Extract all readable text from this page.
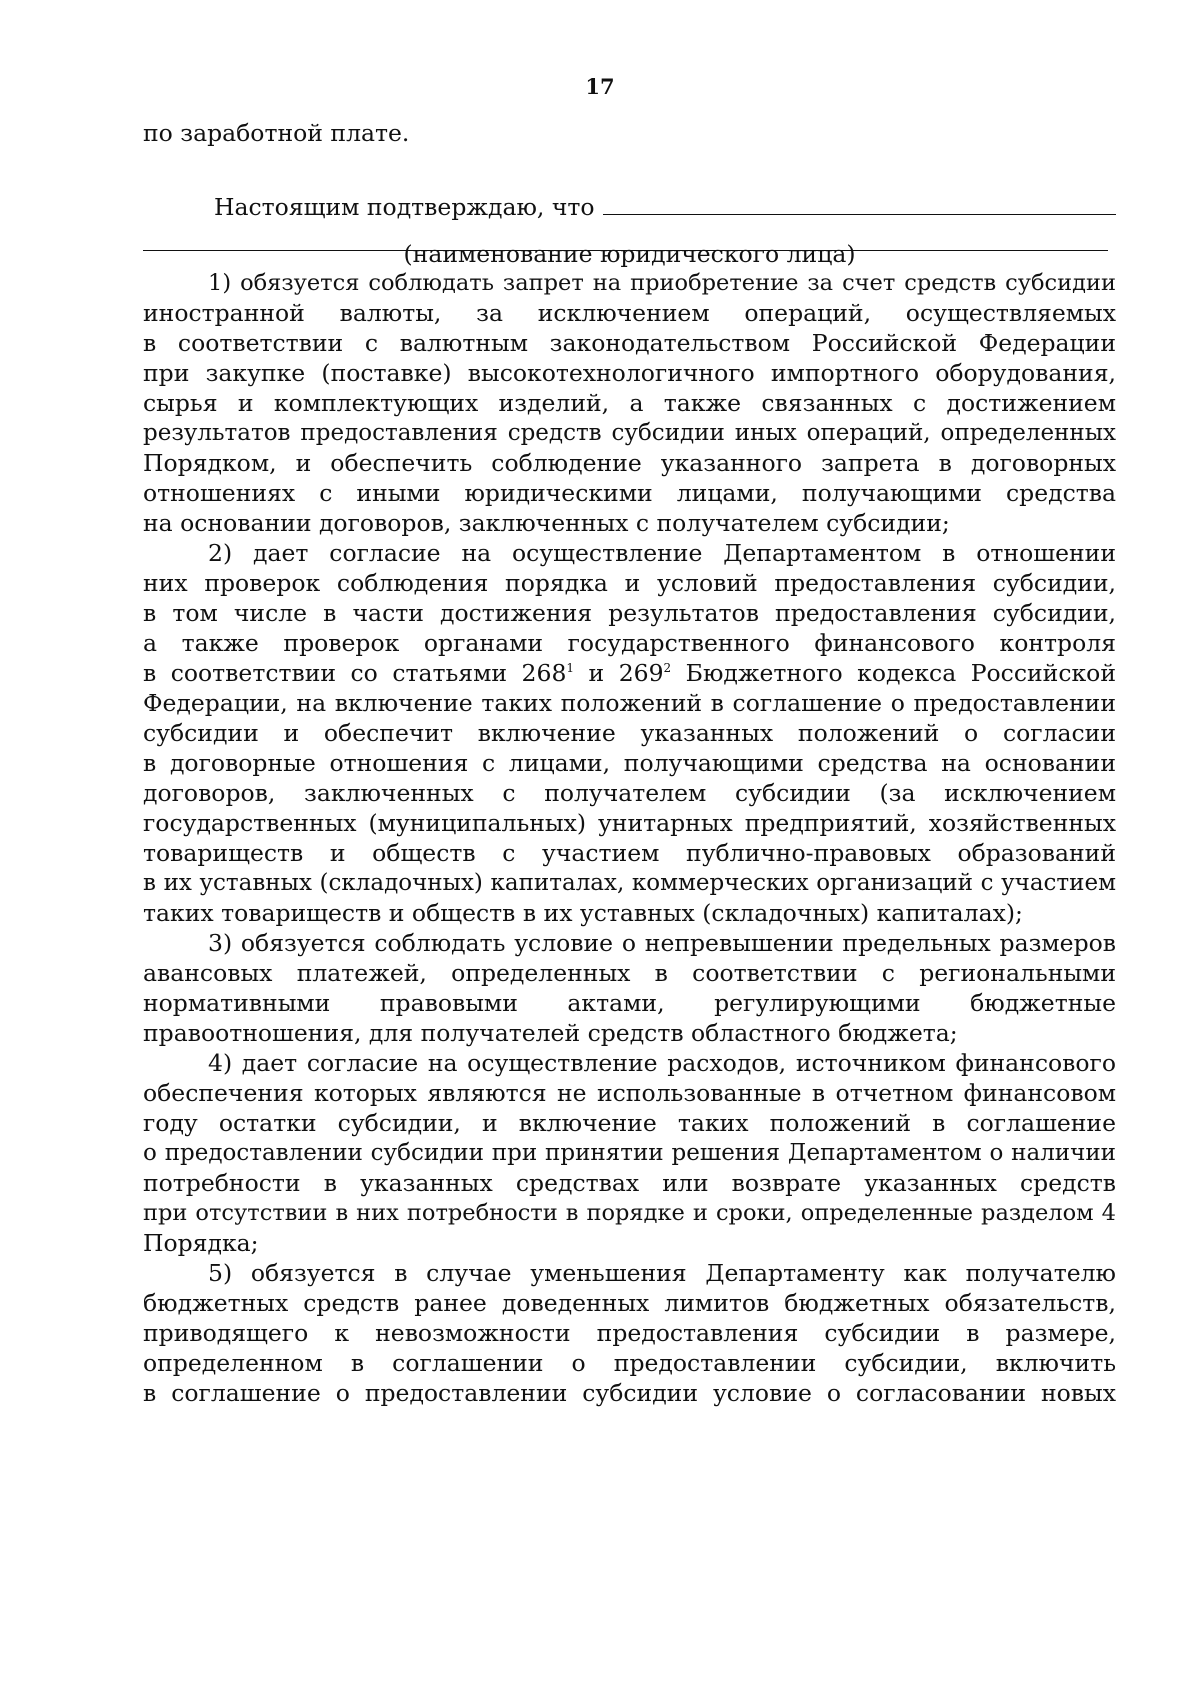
17
по заработной плате.
Настоящим подтверждаю, что
(наименование юридического лица)
1) обязуется соблюдать запрет на приобретение за счет средств субсидии
иностранной валюты, за исключением операций, осуществляемых
в соответствии с валютным законодательством Российской Федерации
при закупке (поставке) высокотехнологичного импортного оборудования,
сырья и комплектующих изделий, а также связанных с достижением
результатов предоставления средств субсидии иных операций, определенных
Порядком, и обеспечить соблюдение указанного запрета в договорных
отношениях с иными юридическими лицами, получающими средства
на основании договоров, заключенных с получателем субсидии;
2) дает согласие на осуществление Департаментом в отношении
них проверок соблюдения порядка и условий предоставления субсидии,
в том числе в части достижения результатов предоставления субсидии,
а также проверок органами государственного финансового контроля
в соответствии со статьями $268^1$ и $269^2$ Бюджетного кодекса Российской
Федерации, на включение таких положений в соглашение о предоставлении
субсидии и обеспечит включение указанных положений о согласии
в договорные отношения с лицами, получающими средства на основании
договоров, заключенных с получателем субсидии (за исключением
государственных (муниципальных) унитарных предприятий, хозяйственных
товариществ и обществ с участием публично-правовых образований
в их уставных (складочных) капиталах, коммерческих организаций с участием
таких товариществ и обществ в их уставных (складочных) капиталах);
3) обязуется соблюдать условие о непревышении предельных размеров
авансовых платежей, определенных в соответствии с региональными
нормативными правовыми актами, регулирующими бюджетные
правоотношения, для получателей средств областного бюджета;
4) дает согласие на осуществление расходов, источником финансового
обеспечения которых являются не использованные в отчетном финансовом
году остатки субсидии, и включение таких положений в соглашение
о предоставлении субсидии при принятии решения Департаментом о наличии
потребности в указанных средствах или возврате указанных средств
при отсутствии в них потребности в порядке и сроки, определенные разделом 4
Порядка;
5) обязуется в случае уменьшения Департаменту как получателю
бюджетных средств ранее доведенных лимитов бюджетных обязательств,
приводящего к невозможности предоставления субсидии в размере,
определенном в соглашении о предоставлении субсидии, включить
в соглашение о предоставлении субсидии условие о согласовании новых
